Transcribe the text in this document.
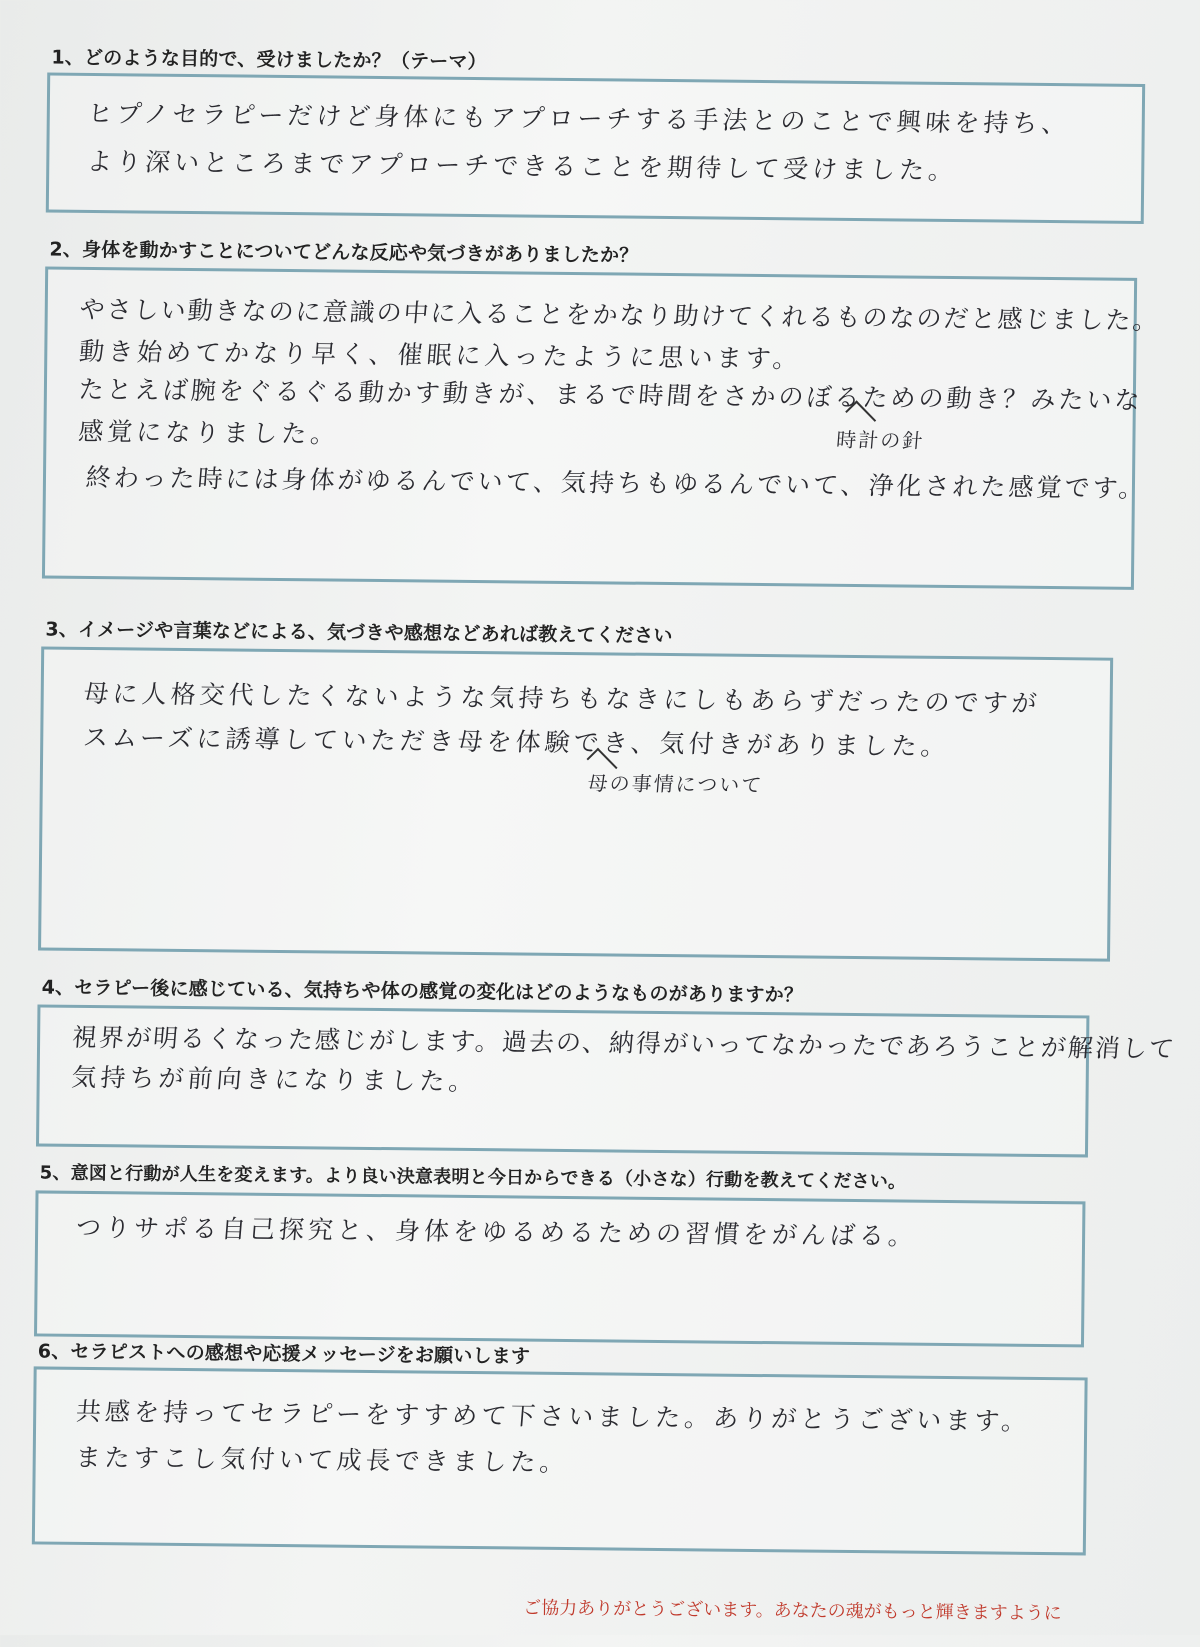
1、どのような目的で、受けましたか？（テーマ）

ヒプノセラピーだけど身体にもアプローチする手法とのことで興味を持ち、

より深いところまでアプローチできることを期待して受けました。

2、身体を動かすことについてどんな反応や気づきがありましたか？

やさしい動きなのに意識の中に入ることをかなり助けてくれるものなのだと感じました。

動き始めてかなり早く、催眠に入ったように思います。

たとえば腕をぐるぐる動かす動きが、まるで時間をさかのぼるための動き？みたいな

時計の針

感覚になりました。

終わった時には身体がゆるんでいて、気持ちもゆるんでいて、浄化された感覚です。

3、イメージや言葉などによる、気づきや感想などあれば教えてください

母に人格交代したくないような気持ちもなきにしもあらずだったのですが

スムーズに誘導していただき母を体験でき、気付きがありました。

母の事情について

4、セラピー後に感じている、気持ちや体の感覚の変化はどのようなものがありますか？

視界が明るくなった感じがします。過去の、納得がいってなかったであろうことが解消して

気持ちが前向きになりました。

5、意図と行動が人生を変えます。より良い決意表明と今日からできる（小さな）行動を教えてください。

つりサポる自己探究と、身体をゆるめるための習慣をがんばる。

6、セラピストへの感想や応援メッセージをお願いします

共感を持ってセラピーをすすめて下さいました。ありがとうございます。

またすこし気付いて成長できました。

ご協力ありがとうございます。あなたの魂がもっと輝きますように
